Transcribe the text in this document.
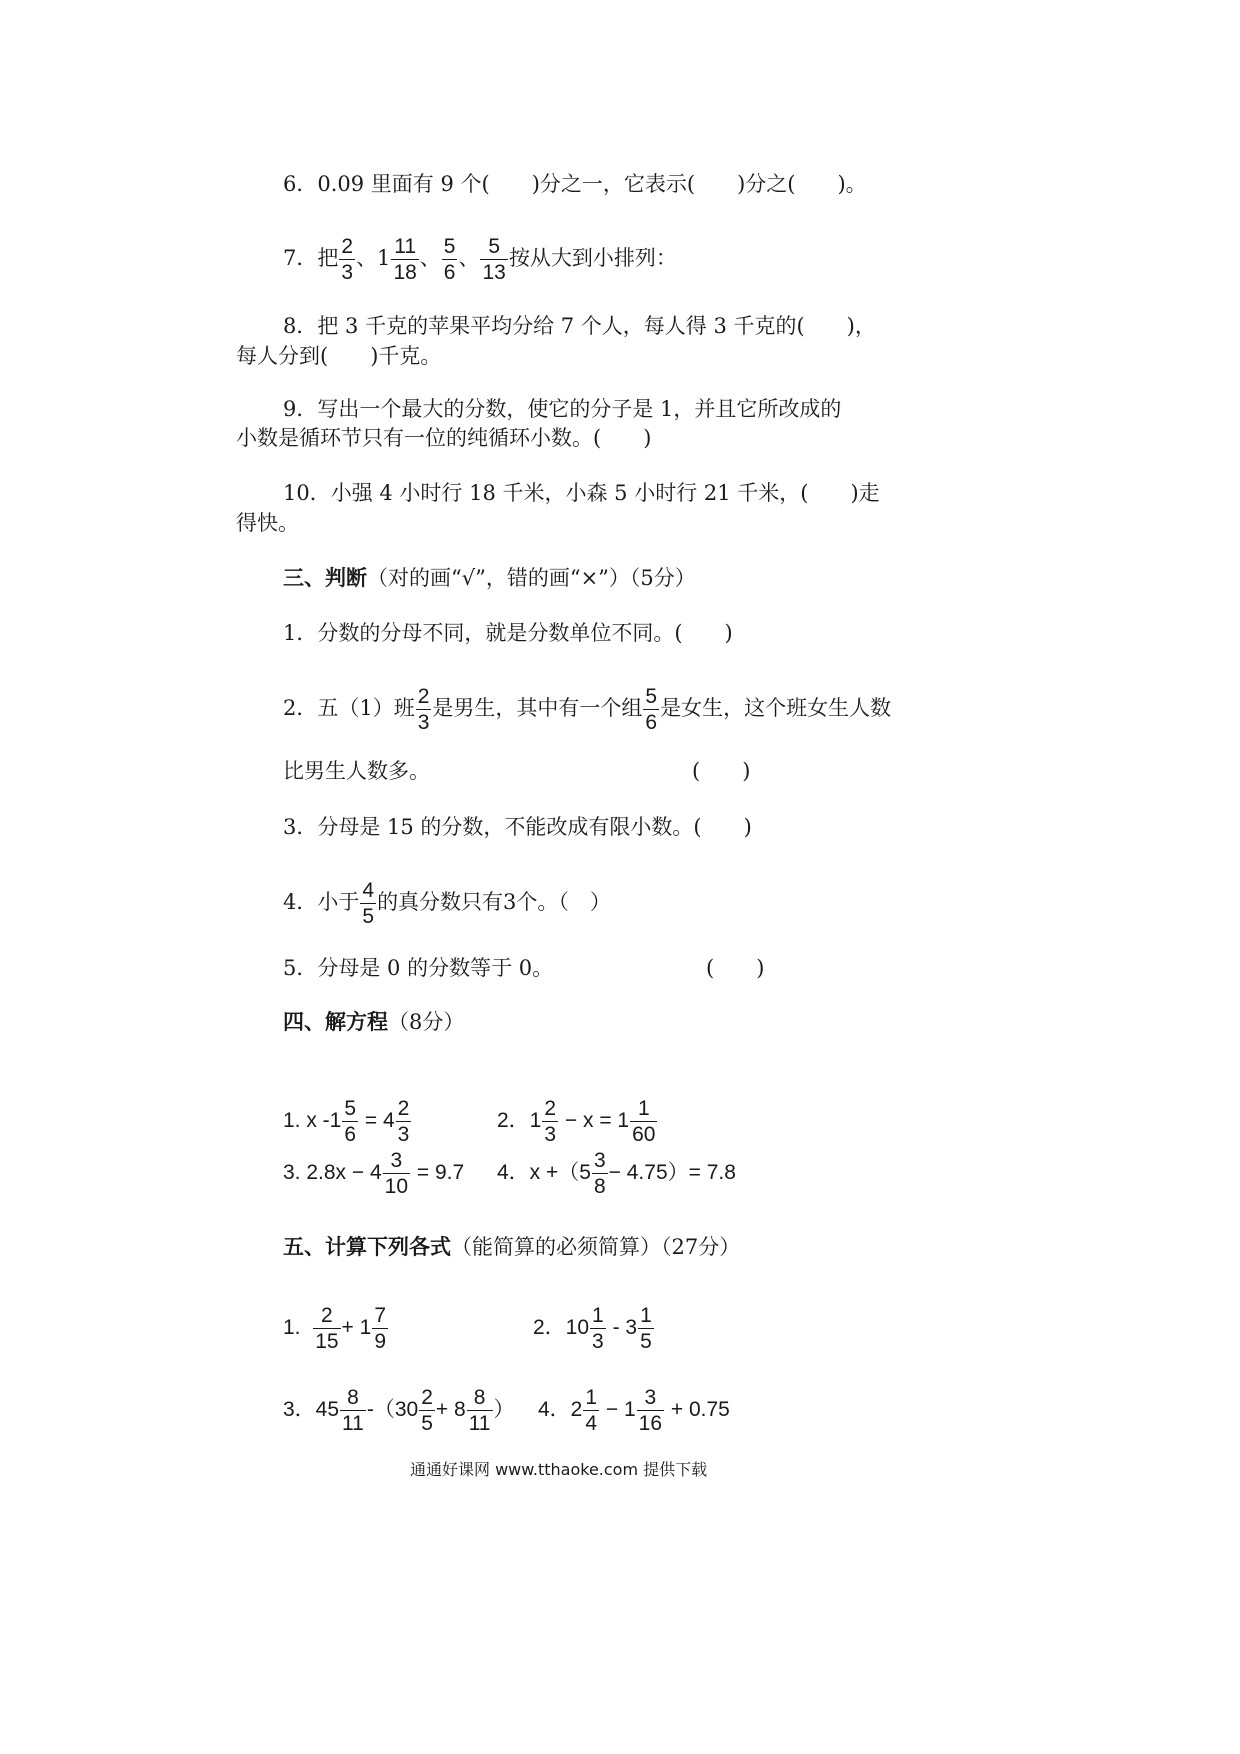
6．0.09 里面有 9 个(　　)分之一，它表示(　　)分之(　　)。
7．把 $\frac{2}{3}$ 、$1 \frac{11}{18}$ 、 $\frac{5}{6}$ 、 $\frac{5}{13}$ 按从大到小排列：
8．把 3 千克的苹果平均分给 7 个人，每人得 3 千克的(　　)，
每人分到(　　)千克。
9．写出一个最大的分数，使它的分子是 1，并且它所改成的
小数是循环节只有一位的纯循环小数。(　　)
10．小强 4 小时行 18 千米，小森 5 小时行 21 千米，(　　)走
得快。
三、判断（对的画“√”，错的画“×”）（5分）
1．分数的分母不同，就是分数单位不同。(　　)
2．五（1）班 $\frac{2}{3}$ 是男生，其中有一个组 $\frac{5}{6}$ 是女生，这个班女生人数
比男生人数多。	(　　)
3．分母是 15 的分数，不能改成有限小数。(　　)
4．小于 $\frac{4}{5}$ 的真分数只有3个。（　）
5．分母是 0 的分数等于 0。	(　　)
四、解方程（8分）
1. x $-1 \frac{5}{6} = 4 \frac{2}{3}$	2．$1 \frac{2}{3} - x = 1 \frac{1}{60}$
3. $2.8x - 4 \frac{3}{10} = 9.7$ 4．$x +(5 \frac{3}{8} - 4.75)= 7.8$
五、计算下列各式（能简算的必须简算）（27分）
1. $\frac{2}{15} + 1 \frac{7}{9}$	2．$10 \frac{1}{3} - 3 \frac{1}{5}$
3．$45 \frac{8}{11} -(30 \frac{2}{5} + 8 \frac{8}{11}$ ） 4．$2 \frac{1}{4} - 1 \frac{3}{16} + 0.75$
通通好课网 www.tthaoke.com 提供下载
